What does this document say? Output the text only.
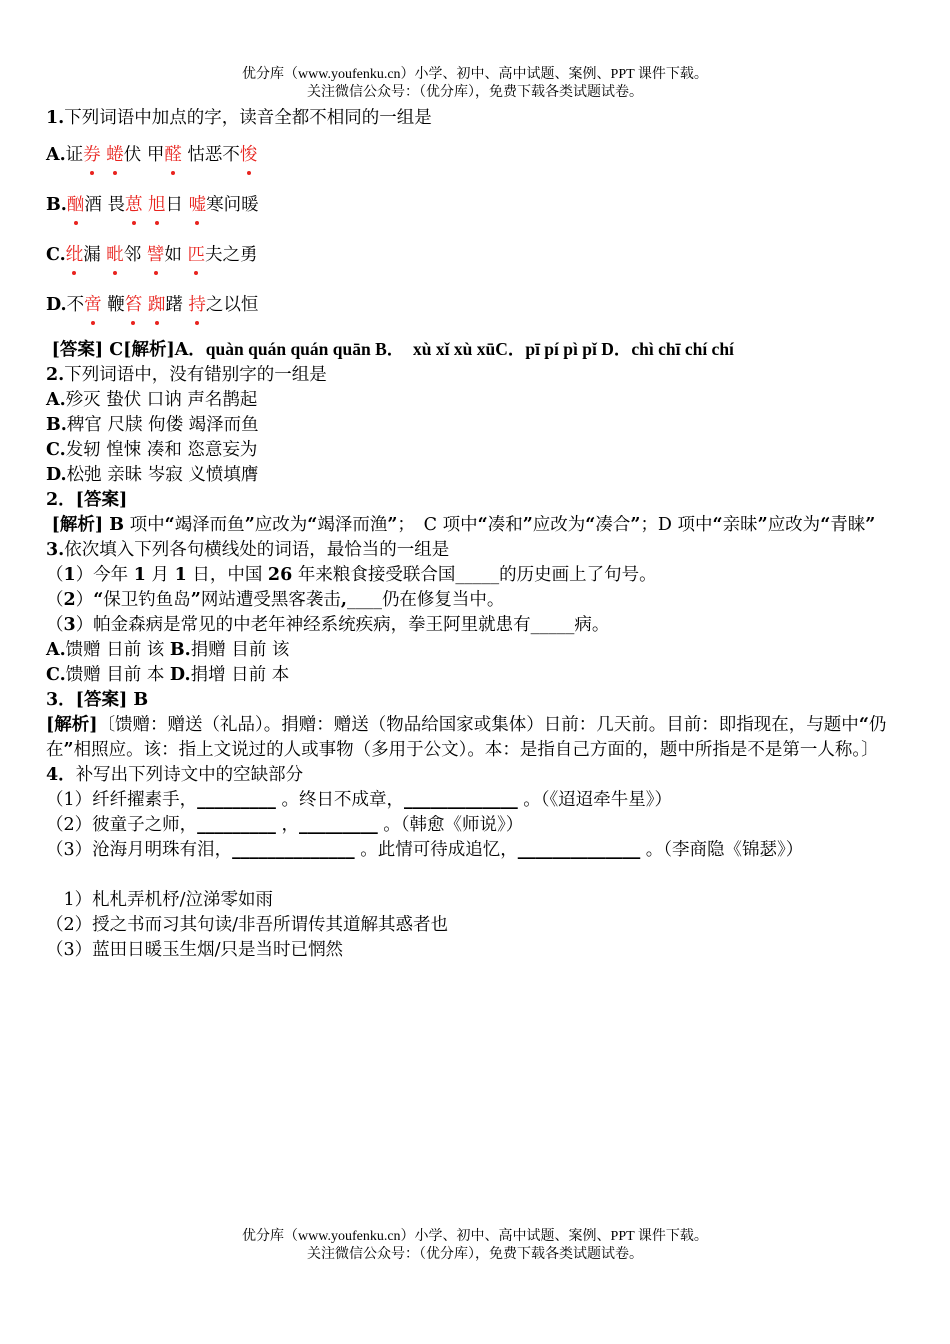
优分库（www.youfenku.cn）小学、初中、高中试题、案例、PPT 课件下载。
关注微信公众号：（优分库），免费下载各类试题试卷。
1.下列词语中加点的字，读音全都不相同的一组是
A.证券 蜷伏 甲醛 怙恶不悛
B.酗酒 畏葸 旭日 嘘寒问暖
C.纰漏 毗邻 譬如 匹夫之勇
D.不啻 鞭笞 踟躇 持之以恒
[答案] C[解析]A．quàn quán quán quān B．　xù xǐ xù xūC．pī pí pì pǐ D．chì chī chí chí
2.下列词语中，没有错别字的一组是
A.殄灭 蛰伏 口讷 声名鹊起
B.稗官 尺牍 佝偻 竭泽而鱼
C.发轫 惶悚 凑和 恣意妄为
D.松弛 亲昧 岑寂 义愤填膺
2．[答案]
[解析] B 项中“竭泽而鱼”应改为“竭泽而渔”；　C 项中“凑和”应改为“凑合”；D 项中“亲昧”应改为“青睐”
3.依次填入下列各句横线处的词语，最恰当的一组是
（1）今年 1 月 1 日，中国 26 年来粮食接受联合国_____的历史画上了句号。
（2）“保卫钓鱼岛”网站遭受黑客袭击,____仍在修复当中。
（3）帕金森病是常见的中老年神经系统疾病，拳王阿里就患有_____病。
A.馈赠 日前 该 B.捐赠 目前 该
C.馈赠 目前 本 D.捐增 日前 本
3．[答案] B
[解析]〔馈赠：赠送（礼品）。捐赠：赠送（物品给国家或集体）日前：几天前。目前：即指现在，与题中“仍在”相照应。该：指上文说过的人或事物（多用于公文）。本：是指自己方面的，题中所指是不是第一人称。〕
4．补写出下列诗文中的空缺部分
（1）纤纤擢素手，_________ 。终日不成章，_____________ 。（《迢迢牵牛星》）
（2）彼童子之师，_________ ，_________ 。（韩愈《师说》）
（3）沧海月明珠有泪，______________ 。此情可待成追忆，______________ 。（李商隐《锦瑟》）
　1）札札弄机杼/泣涕零如雨
（2）授之书而习其句读/非吾所谓传其道解其惑者也
（3）蓝田日暖玉生烟/只是当时已惘然
优分库（www.youfenku.cn）小学、初中、高中试题、案例、PPT 课件下载。
关注微信公众号：（优分库），免费下载各类试题试卷。
